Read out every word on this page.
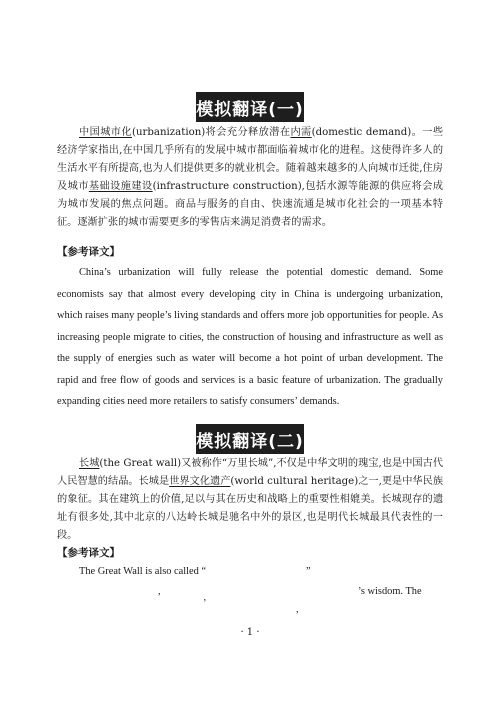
模拟翻译(一)

中国城市化(urbanization)将会充分释放潜在内需(domestic demand)。一些经济学家指出,在中国几乎所有的发展中城市都面临着城市化的进程。这使得许多人的生活水平有所提高,也为人们提供更多的就业机会。随着越来越多的人向城市迁徙,住房及城市基础设施建设(infrastructure construction),包括水源等能源的供应将会成为城市发展的焦点问题。商品与服务的自由、快速流通是城市化社会的一项基本特征。逐渐扩张的城市需要更多的零售店来满足消费者的需求。

【参考译文】

China’s urbanization will fully release the potential domestic demand. Some economists say that almost every developing city in China is undergoing urbanization, which raises many people’s living standards and offers more job opportunities for people. As increasing people migrate to cities, the construction of housing and infrastructure as well as the supply of energies such as water will become a hot point of urban development. The rapid and free flow of goods and services is a basic feature of urbanization. The gradually expanding cities need more retailers to satisfy consumers’ demands.

模拟翻译(二)

长城(the Great wall)又被称作“万里长城”,不仅是中华文明的瑰宝,也是中国古代人民智慧的结晶。长城是世界文化遗产(world cultural heritage)之一,更是中华民族的象征。其在建筑上的价值,足以与其在历史和战略上的重要性相媲美。长城现存的遗址有很多处,其中北京的八达岭长城是驰名中外的景区,也是明代长城最具代表性的一段。

【参考译文】
The Great Wall is also called “	”
,	’s wisdom. The
’
,
· 1 ·
